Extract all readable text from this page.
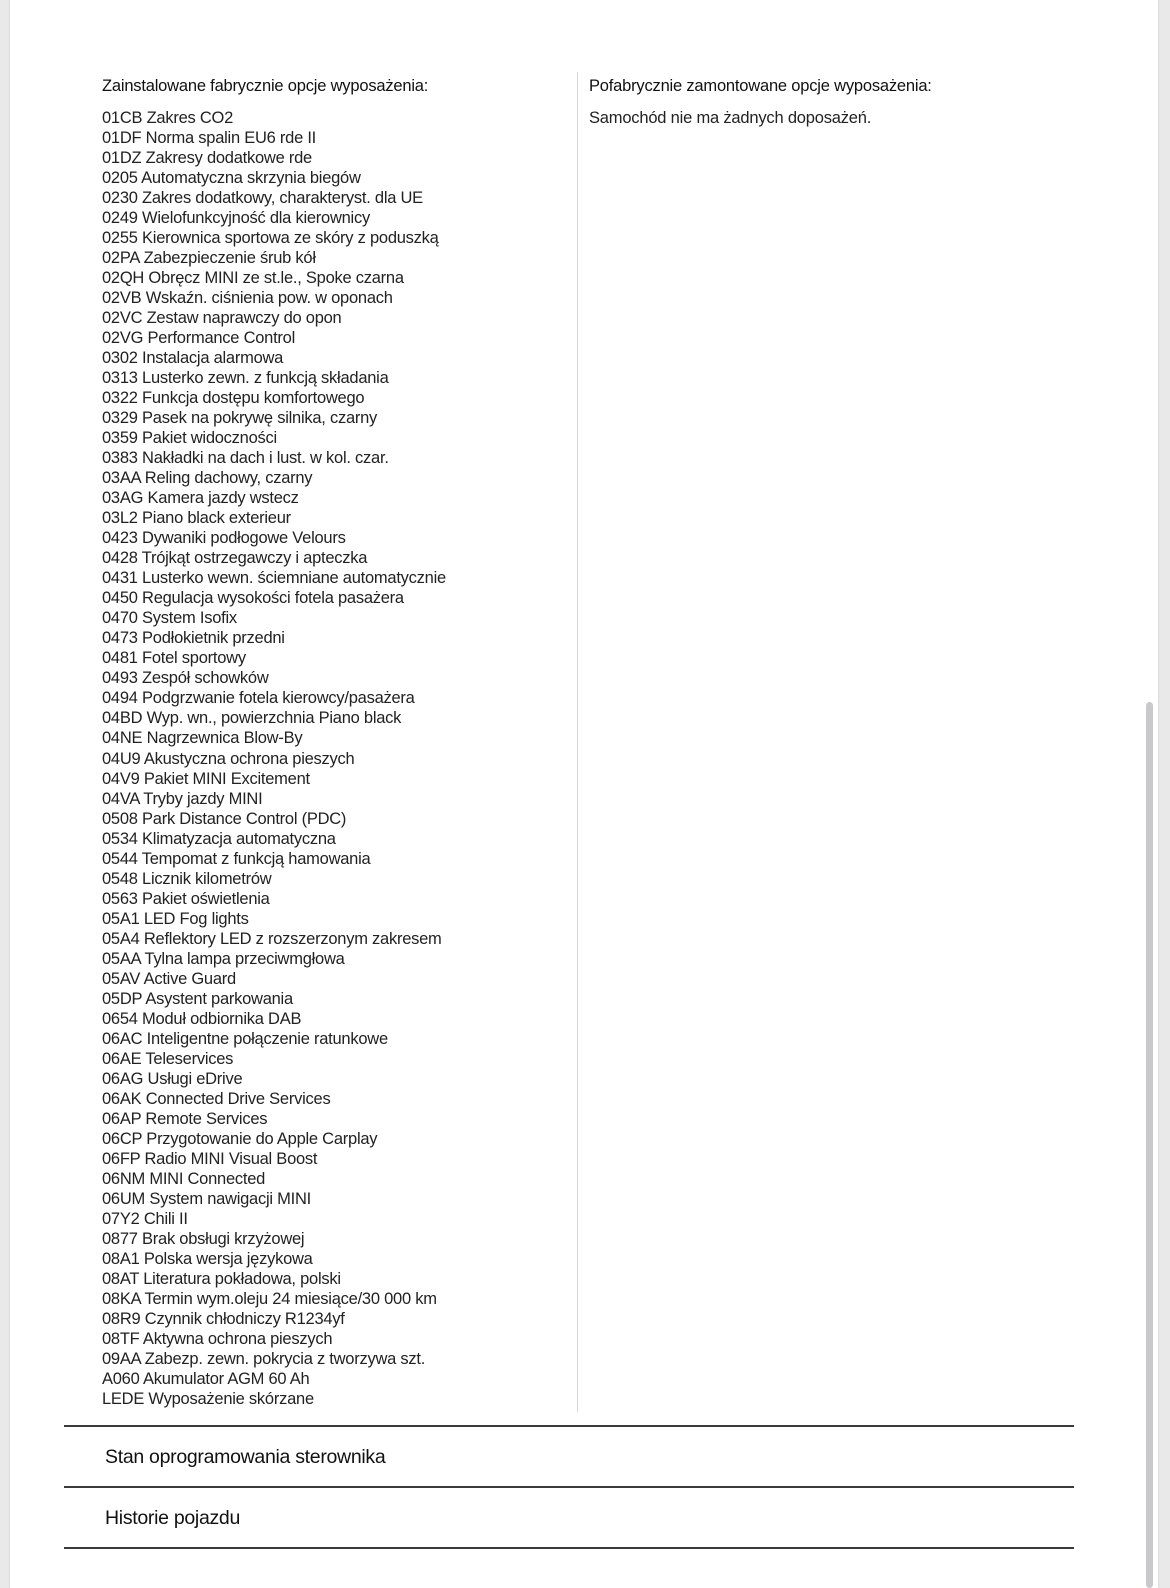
Zainstalowane fabrycznie opcje wyposażenia:
01CB Zakres CO2
01DF Norma spalin EU6 rde II
01DZ Zakresy dodatkowe rde
0205 Automatyczna skrzynia biegów
0230 Zakres dodatkowy, charakteryst. dla UE
0249 Wielofunkcyjność dla kierownicy
0255 Kierownica sportowa ze skóry z poduszką
02PA Zabezpieczenie śrub kół
02QH Obręcz MINI ze st.le., Spoke czarna
02VB Wskaźn. ciśnienia pow. w oponach
02VC Zestaw naprawczy do opon
02VG Performance Control
0302 Instalacja alarmowa
0313 Lusterko zewn. z funkcją składania
0322 Funkcja dostępu komfortowego
0329 Pasek na pokrywę silnika, czarny
0359 Pakiet widoczności
0383 Nakładki na dach i lust. w kol. czar.
03AA Reling dachowy, czarny
03AG Kamera jazdy wstecz
03L2 Piano black exterieur
0423 Dywaniki podłogowe Velours
0428 Trójkąt ostrzegawczy i apteczka
0431 Lusterko wewn. ściemniane automatycznie
0450 Regulacja wysokości fotela pasażera
0470 System Isofix
0473 Podłokietnik przedni
0481 Fotel sportowy
0493 Zespół schowków
0494 Podgrzwanie fotela kierowcy/pasażera
04BD Wyp. wn., powierzchnia Piano black
04NE Nagrzewnica Blow-By
04U9 Akustyczna ochrona pieszych
04V9 Pakiet MINI Excitement
04VA Tryby jazdy MINI
0508 Park Distance Control (PDC)
0534 Klimatyzacja automatyczna
0544 Tempomat z funkcją hamowania
0548 Licznik kilometrów
0563 Pakiet oświetlenia
05A1 LED Fog lights
05A4 Reflektory LED z rozszerzonym zakresem
05AA Tylna lampa przeciwmgłowa
05AV Active Guard
05DP Asystent parkowania
0654 Moduł odbiornika DAB
06AC Inteligentne połączenie ratunkowe
06AE Teleservices
06AG Usługi eDrive
06AK Connected Drive Services
06AP Remote Services
06CP Przygotowanie do Apple Carplay
06FP Radio MINI Visual Boost
06NM MINI Connected
06UM System nawigacji MINI
07Y2 Chili II
0877 Brak obsługi krzyżowej
08A1 Polska wersja językowa
08AT Literatura pokładowa, polski
08KA Termin wym.oleju 24 miesiące/30 000 km
08R9 Czynnik chłodniczy R1234yf
08TF Aktywna ochrona pieszych
09AA Zabezp. zewn. pokrycia z tworzywa szt.
A060 Akumulator AGM 60 Ah
LEDE Wyposażenie skórzane
Pofabrycznie zamontowane opcje wyposażenia:

Samochód nie ma żadnych doposażeń.

Stan oprogramowania sterownika
Historie pojazdu
